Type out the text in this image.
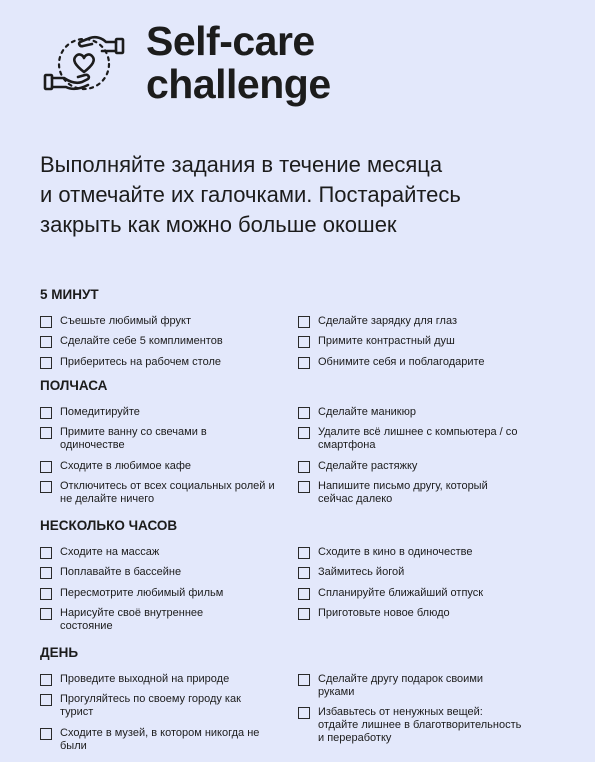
Self-care
challenge
Выполняйте задания в течение месяца
и отмечайте их галочками. Постарайтесь
закрыть как можно больше окошек
5 МИНУТ
Съешьте любимый фрукт
Сделайте себе 5 комплиментов
Приберитесь на рабочем столе
Сделайте зарядку для глаз
Примите контрастный душ
Обнимите себя и поблагодарите
ПОЛЧАСА
Помедитируйте
Примите ванну со свечами в одиночестве
Сходите в любимое кафе
Отключитесь от всех социальных ролей и не делайте ничего
Сделайте маникюр
Удалите всё лишнее с компьютера / со смартфона
Сделайте растяжку
Напишите письмо другу, который сейчас далеко
НЕСКОЛЬКО ЧАСОВ
Сходите на массаж
Поплавайте в бассейне
Пересмотрите любимый фильм
Нарисуйте своё внутреннее состояние
Сходите в кино в одиночестве
Займитесь йогой
Спланируйте ближайший отпуск
Приготовьте новое блюдо
ДЕНЬ
Проведите выходной на природе
Прогуляйтесь по своему городу как турист
Сходите в музей, в котором никогда не были
Сделайте другу подарок своими руками
Избавьтесь от ненужных вещей: отдайте лишнее в благотворительность и переработку
